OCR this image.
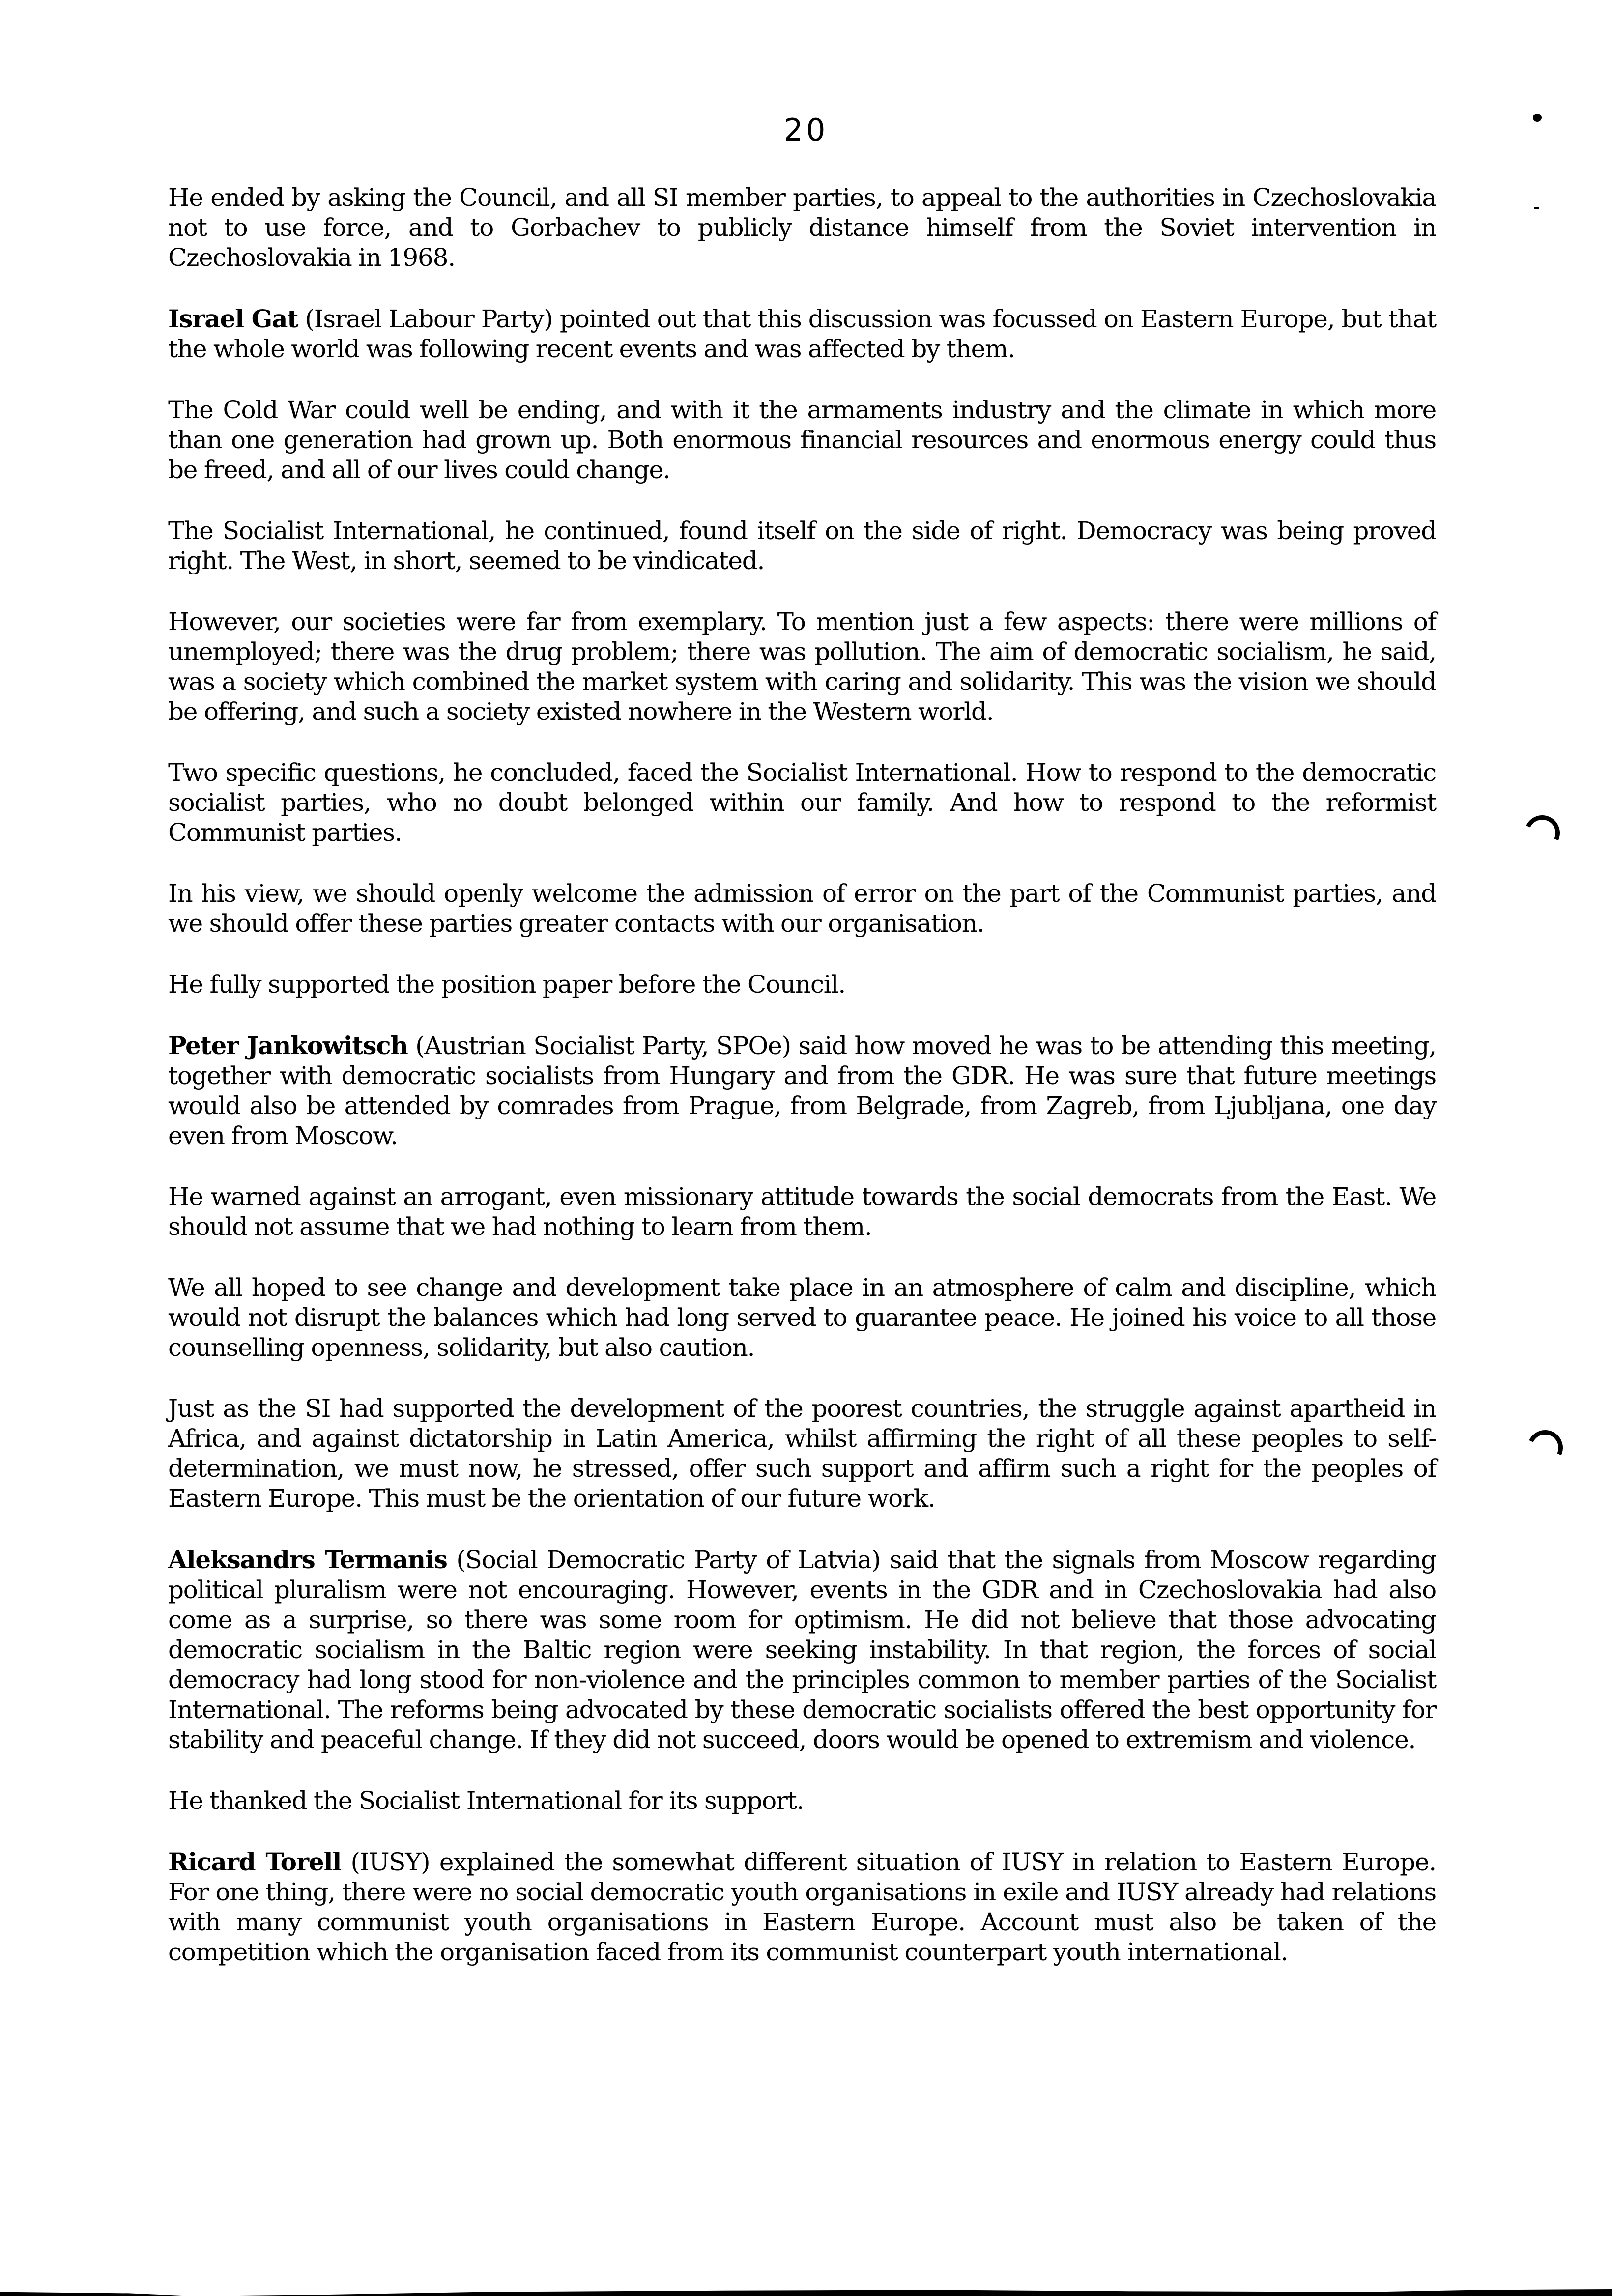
20

He ended by asking the Council, and all SI member parties, to appeal to the authorities in Czechoslovakia not to use force, and to Gorbachev to publicly distance himself from the Soviet intervention in Czechoslovakia in 1968.

Israel Gat (Israel Labour Party) pointed out that this discussion was focussed on Eastern Europe, but that the whole world was following recent events and was affected by them.

The Cold War could well be ending, and with it the armaments industry and the climate in which more than one generation had grown up. Both enormous financial resources and enormous energy could thus be freed, and all of our lives could change.

The Socialist International, he continued, found itself on the side of right. Democracy was being proved right. The West, in short, seemed to be vindicated.

However, our societies were far from exemplary. To mention just a few aspects: there were millions of unemployed; there was the drug problem; there was pollution. The aim of democratic socialism, he said, was a society which combined the market system with caring and solidarity. This was the vision we should be offering, and such a society existed nowhere in the Western world.

Two specific questions, he concluded, faced the Socialist International. How to respond to the democratic socialist parties, who no doubt belonged within our family. And how to respond to the reformist Communist parties.

In his view, we should openly welcome the admission of error on the part of the Communist parties, and we should offer these parties greater contacts with our organisation.

He fully supported the position paper before the Council.

Peter Jankowitsch (Austrian Socialist Party, SPOe) said how moved he was to be attending this meeting, together with democratic socialists from Hungary and from the GDR. He was sure that future meetings would also be attended by comrades from Prague, from Belgrade, from Zagreb, from Ljubljana, one day even from Moscow.

He warned against an arrogant, even missionary attitude towards the social democrats from the East. We should not assume that we had nothing to learn from them.

We all hoped to see change and development take place in an atmosphere of calm and discipline, which would not disrupt the balances which had long served to guarantee peace. He joined his voice to all those counselling openness, solidarity, but also caution.

Just as the SI had supported the development of the poorest countries, the struggle against apartheid in Africa, and against dictatorship in Latin America, whilst affirming the right of all these peoples to self-determination, we must now, he stressed, offer such support and affirm such a right for the peoples of Eastern Europe. This must be the orientation of our future work.

Aleksandrs Termanis (Social Democratic Party of Latvia) said that the signals from Moscow regarding political pluralism were not encouraging. However, events in the GDR and in Czechoslovakia had also come as a surprise, so there was some room for optimism. He did not believe that those advocating democratic socialism in the Baltic region were seeking instability. In that region, the forces of social democracy had long stood for non-violence and the principles common to member parties of the Socialist International. The reforms being advocated by these democratic socialists offered the best opportunity for stability and peaceful change. If they did not succeed, doors would be opened to extremism and violence.

He thanked the Socialist International for its support.

Ricard Torell (IUSY) explained the somewhat different situation of IUSY in relation to Eastern Europe. For one thing, there were no social democratic youth organisations in exile and IUSY already had relations with many communist youth organisations in Eastern Europe. Account must also be taken of the competition which the organisation faced from its communist counterpart youth international.
